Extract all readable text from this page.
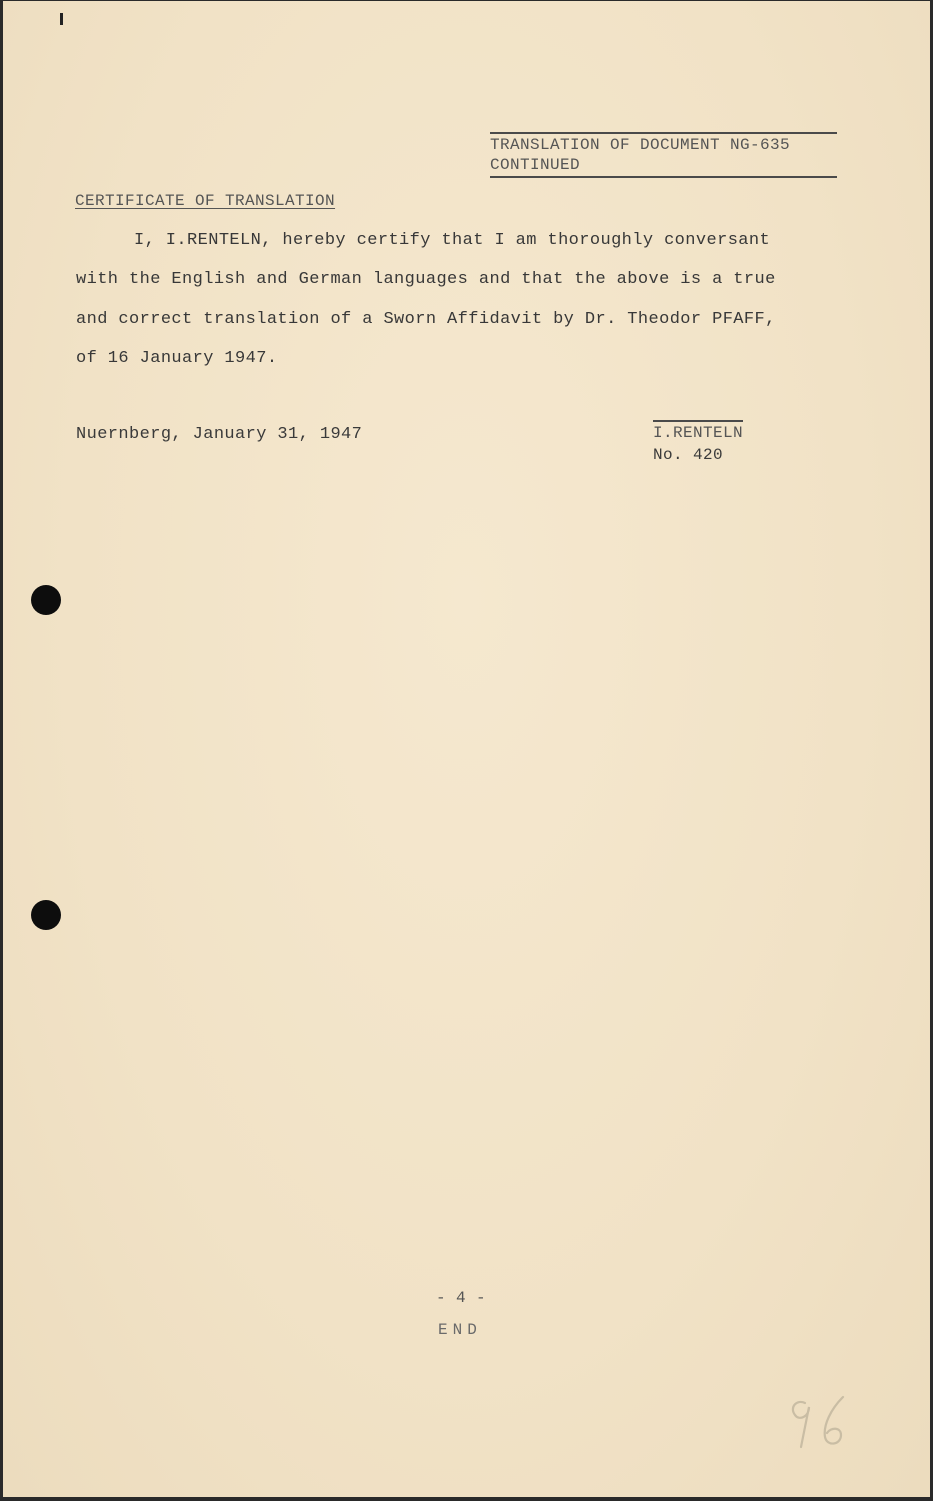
TRANSLATION OF DOCUMENT NG-635
CONTINUED
CERTIFICATE OF TRANSLATION
I, I.RENTELN, hereby certify that I am thoroughly conversant
with the English and German languages and that the above is a true
and correct translation of a Sworn Affidavit by Dr. Theodor PFAFF,
of 16 January 1947.
Nuernberg, January 31, 1947	I.RENTELN
No. 420
- 4 -
END
